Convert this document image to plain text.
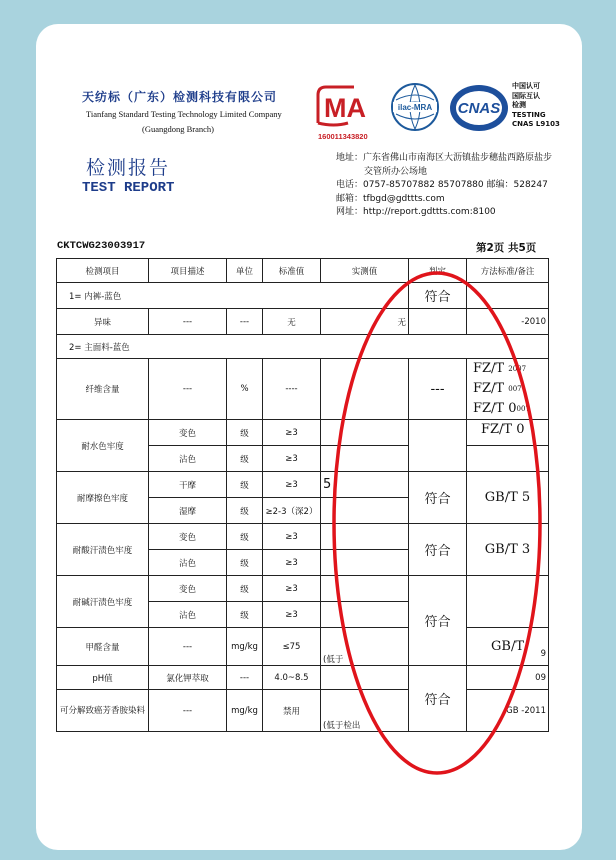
天纺标（广东）检测科技有限公司
Tianfang Standard Testing Technology Limited Company
(Guangdong Branch)
检测报告
TEST REPORT
MA
160011343820
ilac-MRA CNAS
中国认可
国际互认
检测
TESTING
CNAS L9103
地址：广东省佛山市南海区大沥镇盐步穗盐西路原盐步
交管所办公场地
电话：0757-85707882 85707880 邮编：528247
邮箱：tfbgd@gdttts.com
网址：http://report.gdttts.com:8100
CKTCWG23003917	第2页 共5页
检测项目	项目描述	单位	标准值	实测值	判定	方法标准/备注
1= 内裤-蓝色					符合	
异味	---	---	无	无		-2010
2= 主面料-蓝色						
纤维含量	---	%	----		---	FZ/T $^{2007}$
FZ/T $^{007}$
FZ/T $0^{007}$

耐水色牢度	变色	级	≥3			FZ/T 0
	沾色	级	≥3			
耐摩擦色牢度	干摩	级	≥3	5	符合	GB/T 5
	湿摩	级	≥2-3（深2）			
耐酸汗渍色牢度	变色	级	≥3		符合	GB/T 3
	沾色	级	≥3			
耐碱汗渍色牢度	变色	级	≥3		符合	
	沾色	级	≥3			
甲醛含量	---	mg/kg	≤75	(低于		GB/T 9

pH值	氯化钾萃取	---	4.0~8.5		符合	09
可分解致癌芳香胺染料	---	mg/kg	禁用	(低于检出		GB -2011
